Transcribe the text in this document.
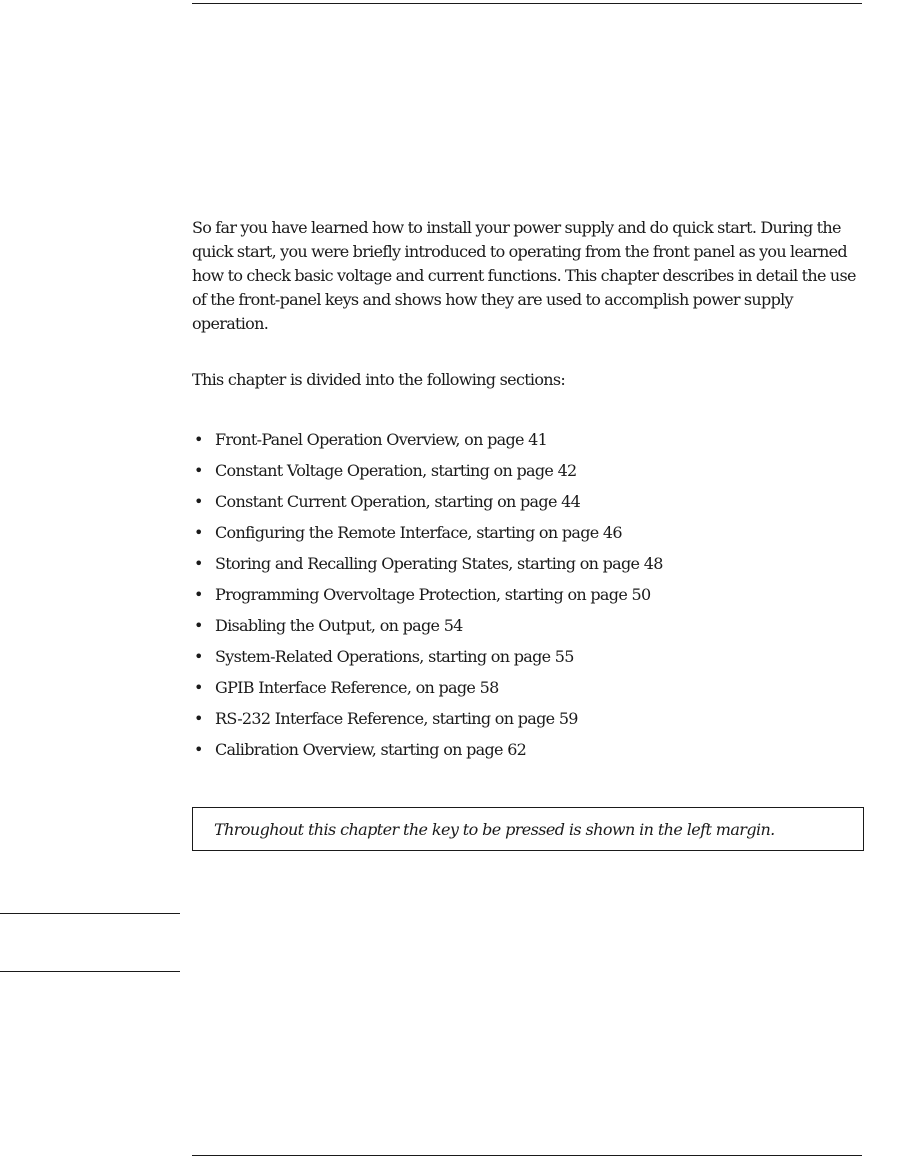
So far you have learned how to install your power supply and do quick start. During the quick start, you were briefly introduced to operating from the front panel as you learned how to check basic voltage and current functions. This chapter describes in detail the use of the front-panel keys and shows how they are used to accomplish power supply operation.

This chapter is divided into the following sections:

• Front-Panel Operation Overview, on page 41
• Constant Voltage Operation, starting on page 42
• Constant Current Operation, starting on page 44
• Configuring the Remote Interface, starting on page 46
• Storing and Recalling Operating States, starting on page 48
• Programming Overvoltage Protection, starting on page 50
• Disabling the Output, on page 54
• System-Related Operations, starting on page 55
• GPIB Interface Reference, on page 58
• RS-232 Interface Reference, starting on page 59
• Calibration Overview, starting on page 62
Throughout this chapter the key to be pressed is shown in the left margin.
